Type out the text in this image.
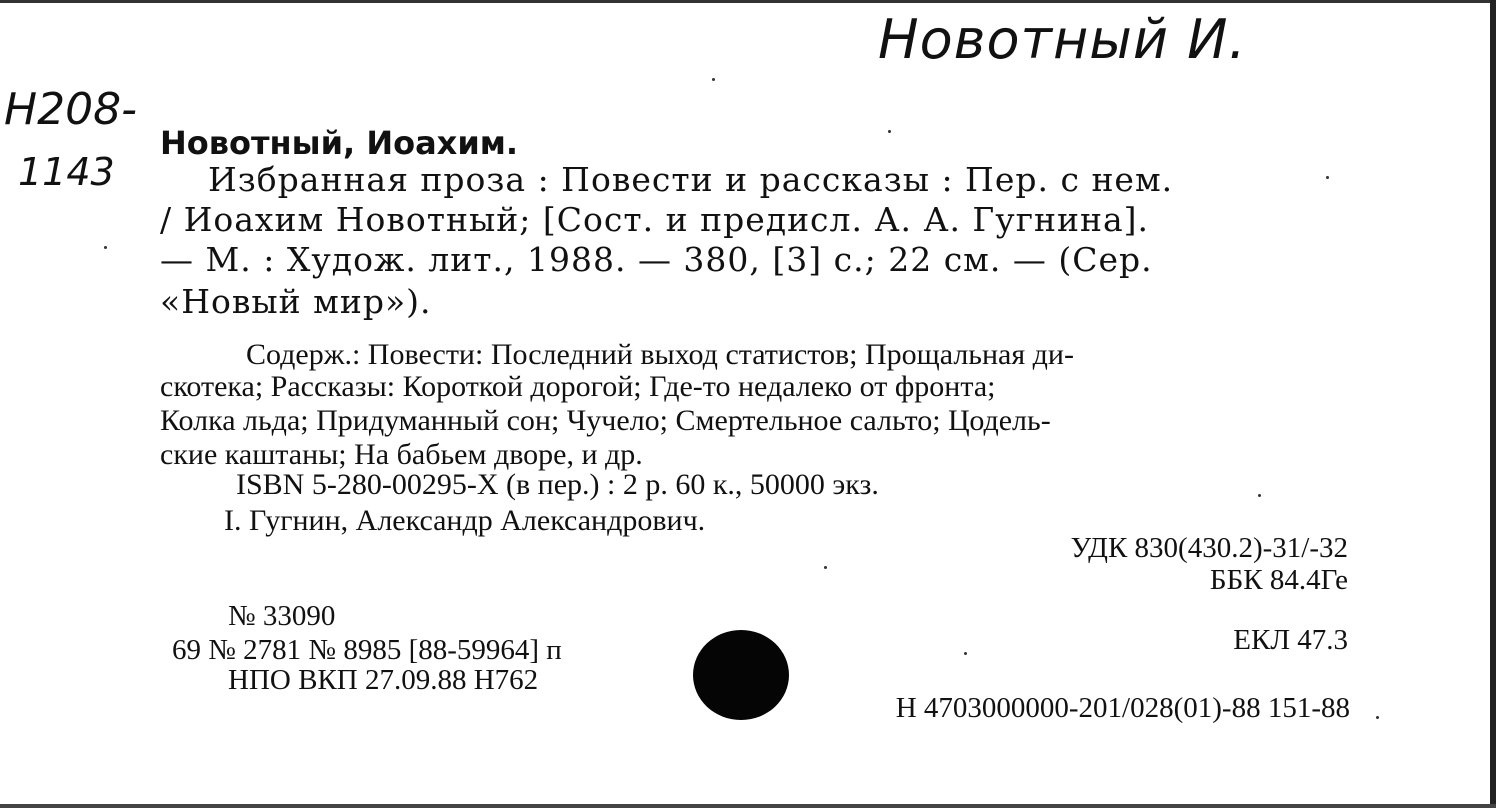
Новотный И.
Н208-
1143
Новотный, Иоахим.
Избранная проза : Повести и рассказы : Пер. с нем.
/ Иоахим Новотный; [Сост. и предисл. А. А. Гугнина].
— М. : Худож. лит., 1988. — 380, [3] с.; 22 см. — (Сер.
«Новый мир»).
Содерж.: Повести: Последний выход статистов; Прощальная ди-
скотека; Рассказы: Короткой дорогой; Где-то недалеко от фронта;
Колка льда; Придуманный сон; Чучело; Смертельное сальто; Цодель-
ские каштаны; На бабьем дворе, и др.
ISBN 5-280-00295-X (в пер.) : 2 р. 60 к., 50000 экз.
I. Гугнин, Александр Александрович.
УДК 830(430.2)-31/-32
ББК 84.4Ге
ЕКЛ 47.3
№ 33090
69 № 2781 № 8985 [88-59964] п
НПО ВКП 27.09.88 Н762
Н 4703000000-201/028(01)-88 151-88
